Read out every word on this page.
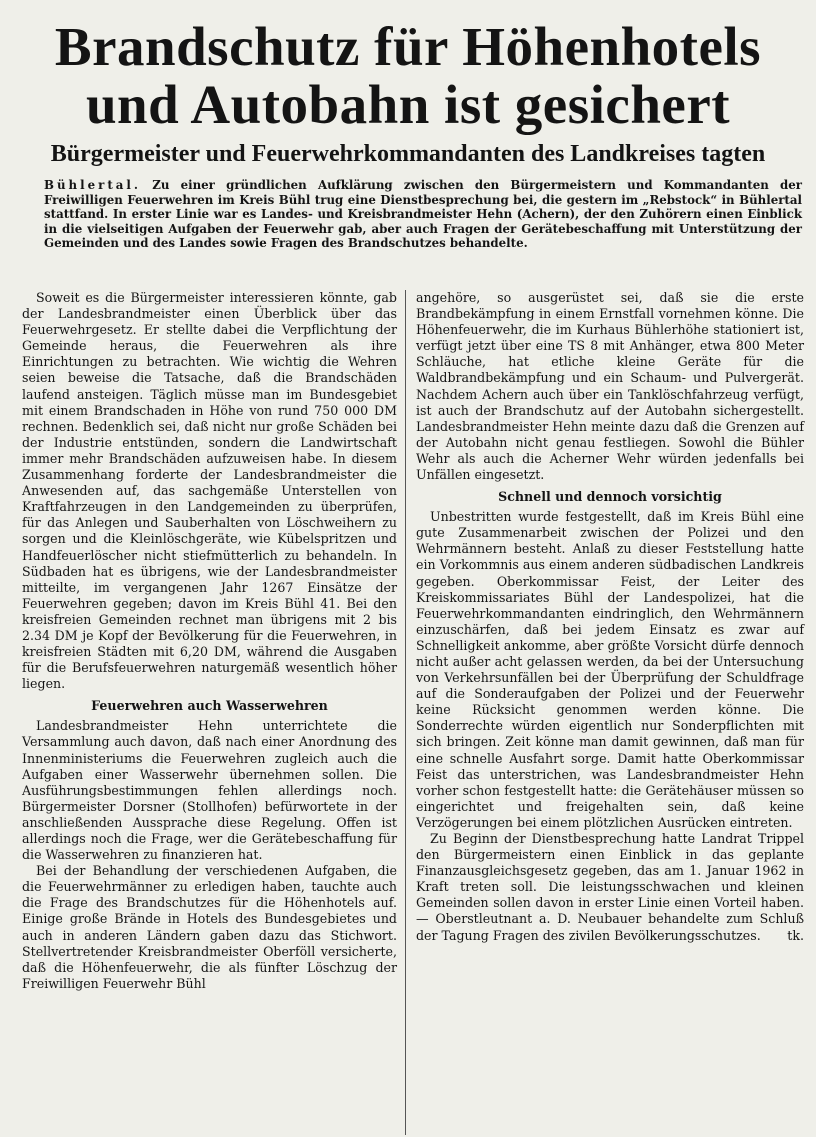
Brandschutz für Höhenhotels
und Autobahn ist gesichert
Bürgermeister und Feuerwehrkommandanten des Landkreises tagten

Bühlertal. Zu einer gründlichen Aufklärung zwischen den Bürgermeistern und Kommandanten der Freiwilligen Feuerwehren im Kreis Bühl trug eine Dienstbesprechung bei, die gestern im „Rebstock“ in Bühlertal stattfand. In erster Linie war es Landes- und Kreisbrandmeister Hehn (Achern), der den Zuhörern einen Einblick in die vielseitigen Aufgaben der Feuerwehr gab, aber auch Fragen der Gerätebeschaffung mit Unterstützung der Gemeinden und des Landes sowie Fragen des Brandschutzes behandelte.

Soweit es die Bürgermeister interessieren könnte, gab der Landesbrandmeister einen Überblick über das Feuerwehrgesetz. Er stellte dabei die Verpflichtung der Gemeinde heraus, die Feuerwehren als ihre Einrichtungen zu betrachten. Wie wichtig die Wehren seien beweise die Tatsache, daß die Brandschäden laufend ansteigen. Täglich müsse man im Bundesgebiet mit einem Brandschaden in Höhe von rund 750 000 DM rechnen. Bedenklich sei, daß nicht nur große Schäden bei der Industrie entstünden, sondern die Landwirtschaft immer mehr Brandschäden aufzuweisen habe. In diesem Zusammenhang forderte der Landesbrandmeister die Anwesenden auf, das sachgemäße Unterstellen von Kraftfahrzeugen in den Landgemeinden zu überprüfen, für das Anlegen und Sauberhalten von Löschweihern zu sorgen und die Kleinlöschgeräte, wie Kübelspritzen und Handfeuerlöscher nicht stiefmütterlich zu behandeln. In Südbaden hat es übrigens, wie der Landesbrandmeister mitteilte, im vergangenen Jahr 1267 Einsätze der Feuerwehren gegeben; davon im Kreis Bühl 41. Bei den kreisfreien Gemeinden rechnet man übrigens mit 2 bis 2.34 DM je Kopf der Bevölkerung für die Feuerwehren, in kreisfreien Städten mit 6,20 DM, während die Ausgaben für die Berufsfeuerwehren naturgemäß wesentlich höher liegen.

Feuerwehren auch Wasserwehren

Landesbrandmeister Hehn unterrichtete die Versammlung auch davon, daß nach einer Anordnung des Innenministeriums die Feuerwehren zugleich auch die Aufgaben einer Wasserwehr übernehmen sollen. Die Ausführungsbestimmungen fehlen allerdings noch. Bürgermeister Dorsner (Stollhofen) befürwortete in der anschließenden Aussprache diese Regelung. Offen ist allerdings noch die Frage, wer die Gerätebeschaffung für die Wasserwehren zu finanzieren hat.

Bei der Behandlung der verschiedenen Aufgaben, die die Feuerwehrmänner zu erledigen haben, tauchte auch die Frage des Brandschutzes für die Höhenhotels auf. Einige große Brände in Hotels des Bundesgebietes und auch in anderen Ländern gaben dazu das Stichwort. Stellvertretender Kreisbrandmeister Oberföll versicherte, daß die Höhenfeuerwehr, die als fünfter Löschzug der Freiwilligen Feuerwehr Bühl

angehöre, so ausgerüstet sei, daß sie die erste Brandbekämpfung in einem Ernstfall vornehmen könne. Die Höhenfeuerwehr, die im Kurhaus Bühlerhöhe stationiert ist, verfügt jetzt über eine TS 8 mit Anhänger, etwa 800 Meter Schläuche, hat etliche kleine Geräte für die Waldbrandbekämpfung und ein Schaum- und Pulvergerät. Nachdem Achern auch über ein Tanklöschfahrzeug verfügt, ist auch der Brandschutz auf der Autobahn sichergestellt. Landesbrandmeister Hehn meinte dazu daß die Grenzen auf der Autobahn nicht genau festliegen. Sowohl die Bühler Wehr als auch die Acherner Wehr würden jedenfalls bei Unfällen eingesetzt.

Schnell und dennoch vorsichtig

Unbestritten wurde festgestellt, daß im Kreis Bühl eine gute Zusammenarbeit zwischen der Polizei und den Wehrmännern besteht. Anlaß zu dieser Feststellung hatte ein Vorkommnis aus einem anderen südbadischen Landkreis gegeben. Oberkommissar Feist, der Leiter des Kreiskommissariates Bühl der Landespolizei, hat die Feuerwehrkommandanten eindringlich, den Wehrmännern einzuschärfen, daß bei jedem Einsatz es zwar auf Schnelligkeit ankomme, aber größte Vorsicht dürfe dennoch nicht außer acht gelassen werden, da bei der Untersuchung von Verkehrsunfällen bei der Überprüfung der Schuldfrage auf die Sonderaufgaben der Polizei und der Feuerwehr keine Rücksicht genommen werden könne. Die Sonderrechte würden eigentlich nur Sonderpflichten mit sich bringen. Zeit könne man damit gewinnen, daß man für eine schnelle Ausfahrt sorge. Damit hatte Oberkommissar Feist das unterstrichen, was Landesbrandmeister Hehn vorher schon festgestellt hatte: die Gerätehäuser müssen so eingerichtet und freigehalten sein, daß keine Verzögerungen bei einem plötzlichen Ausrücken eintreten.

Zu Beginn der Dienstbesprechung hatte Landrat Trippel den Bürgermeistern einen Einblick in das geplante Finanzausgleichsgesetz gegeben, das am 1. Januar 1962 in Kraft treten soll. Die leistungsschwachen und kleinen Gemeinden sollen davon in erster Linie einen Vorteil haben. — Oberstleutnant a. D. Neubauer behandelte zum Schluß der Tagung Fragen des zivilen Bevölkerungsschutzes.	tk.
